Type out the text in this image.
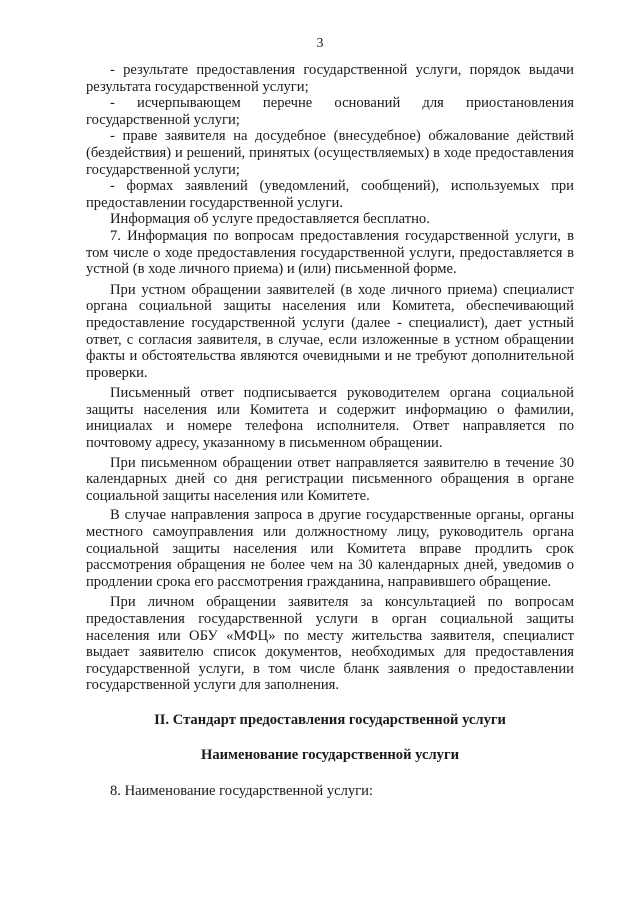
3

- результате предоставления государственной услуги, порядок выдачи результата государственной услуги;

- исчерпывающем перечне оснований для приостановления государственной услуги;

- праве заявителя на досудебное (внесудебное) обжалование действий (бездействия) и решений, принятых (осуществляемых) в ходе предоставления государственной услуги;

- формах заявлений (уведомлений, сообщений), используемых при предоставлении государственной услуги.

Информация об услуге предоставляется бесплатно.

7. Информация по вопросам предоставления государственной услуги, в том числе о ходе предоставления государственной услуги, предоставляется в устной (в ходе личного приема) и (или) письменной форме.

При устном обращении заявителей (в ходе личного приема) специалист органа социальной защиты населения или Комитета, обеспечивающий предоставление государственной услуги (далее - специалист), дает устный ответ, с согласия заявителя, в случае, если изложенные в устном обращении факты и обстоятельства являются очевидными и не требуют дополнительной проверки.

Письменный ответ подписывается руководителем органа социальной защиты населения или Комитета и содержит информацию о фамилии, инициалах и номере телефона исполнителя. Ответ направляется по почтовому адресу, указанному в письменном обращении.

При письменном обращении ответ направляется заявителю в течение 30 календарных дней со дня регистрации письменного обращения в органе социальной защиты населения или Комитете.

В случае направления запроса в другие государственные органы, органы местного самоуправления или должностному лицу, руководитель органа социальной защиты населения или Комитета вправе продлить срок рассмотрения обращения не более чем на 30 календарных дней, уведомив о продлении срока его рассмотрения гражданина, направившего обращение.

При личном обращении заявителя за консультацией по вопросам предоставления государственной услуги в орган социальной защиты населения или ОБУ «МФЦ» по месту жительства заявителя, специалист выдает заявителю список документов, необходимых для предоставления государственной услуги, в том числе бланк заявления о предоставлении государственной услуги для заполнения.

II. Стандарт предоставления государственной услуги

Наименование государственной услуги

8. Наименование государственной услуги:
